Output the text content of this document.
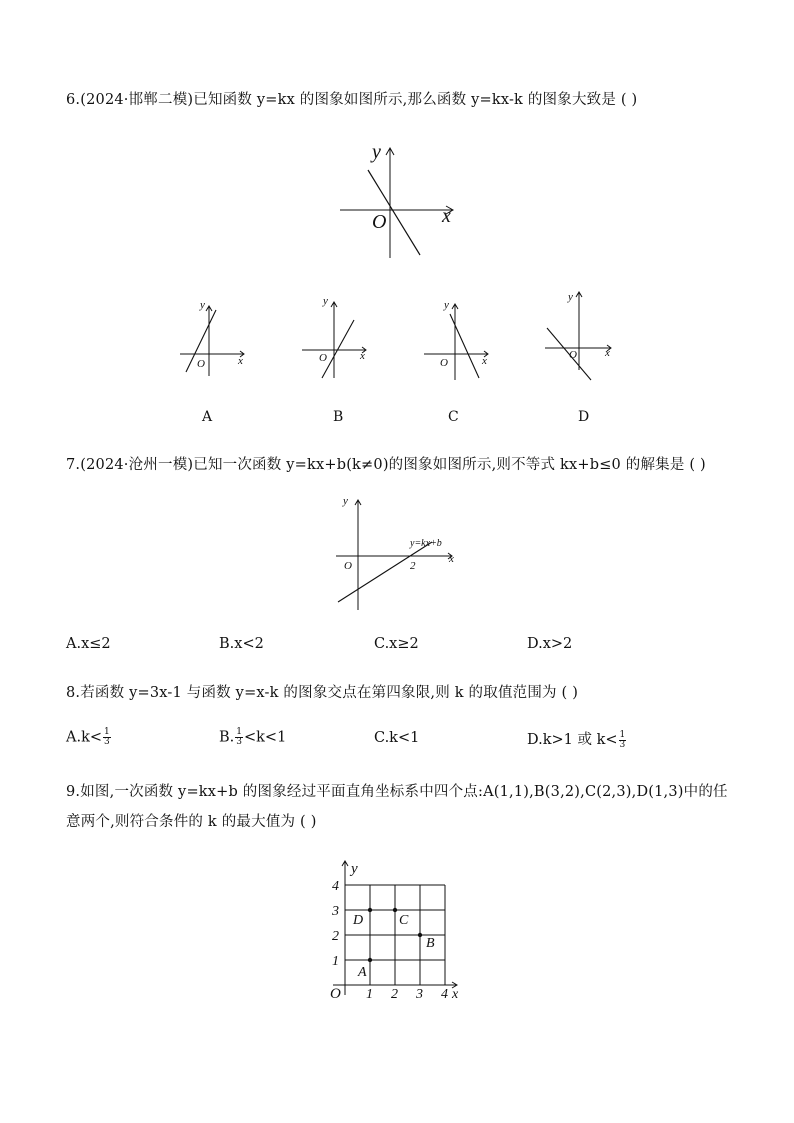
6.(2024·邯郸二模)已知函数 y=kx 的图象如图所示,那么函数 y=kx-k 的图象大致是 ( )
y
x
O
y
x
O
y
x
O
y
x
O
y
x
O
A	B	C	D
7.(2024·沧州一模)已知一次函数 y=kx+b(k≠0)的图象如图所示,则不等式 kx+b≤0 的解集是 ( )
y
x
O	2
y=kx+b
A.x≤2	B.x<2	C.x≥2	D.x>2
8.若函数 y=3x-1 与函数 y=x-k 的图象交点在第四象限,则 k 的取值范围为 ( )
$A.k< \frac{1}{3}$	B. $\frac{1}{3} <k<1$	C.k<1	D.k>1 或 $k< \frac{1}{3}$
9.如图,一次函数 y=kx+b 的图象经过平面直角坐标系中四个点:A(1,1),B(3,2),C(2,3),D(1,3)中的任
意两个,则符合条件的 k 的最大值为 ( )
y
x
O 1 2 3 4
1
2
3
4
A
B
C
D
